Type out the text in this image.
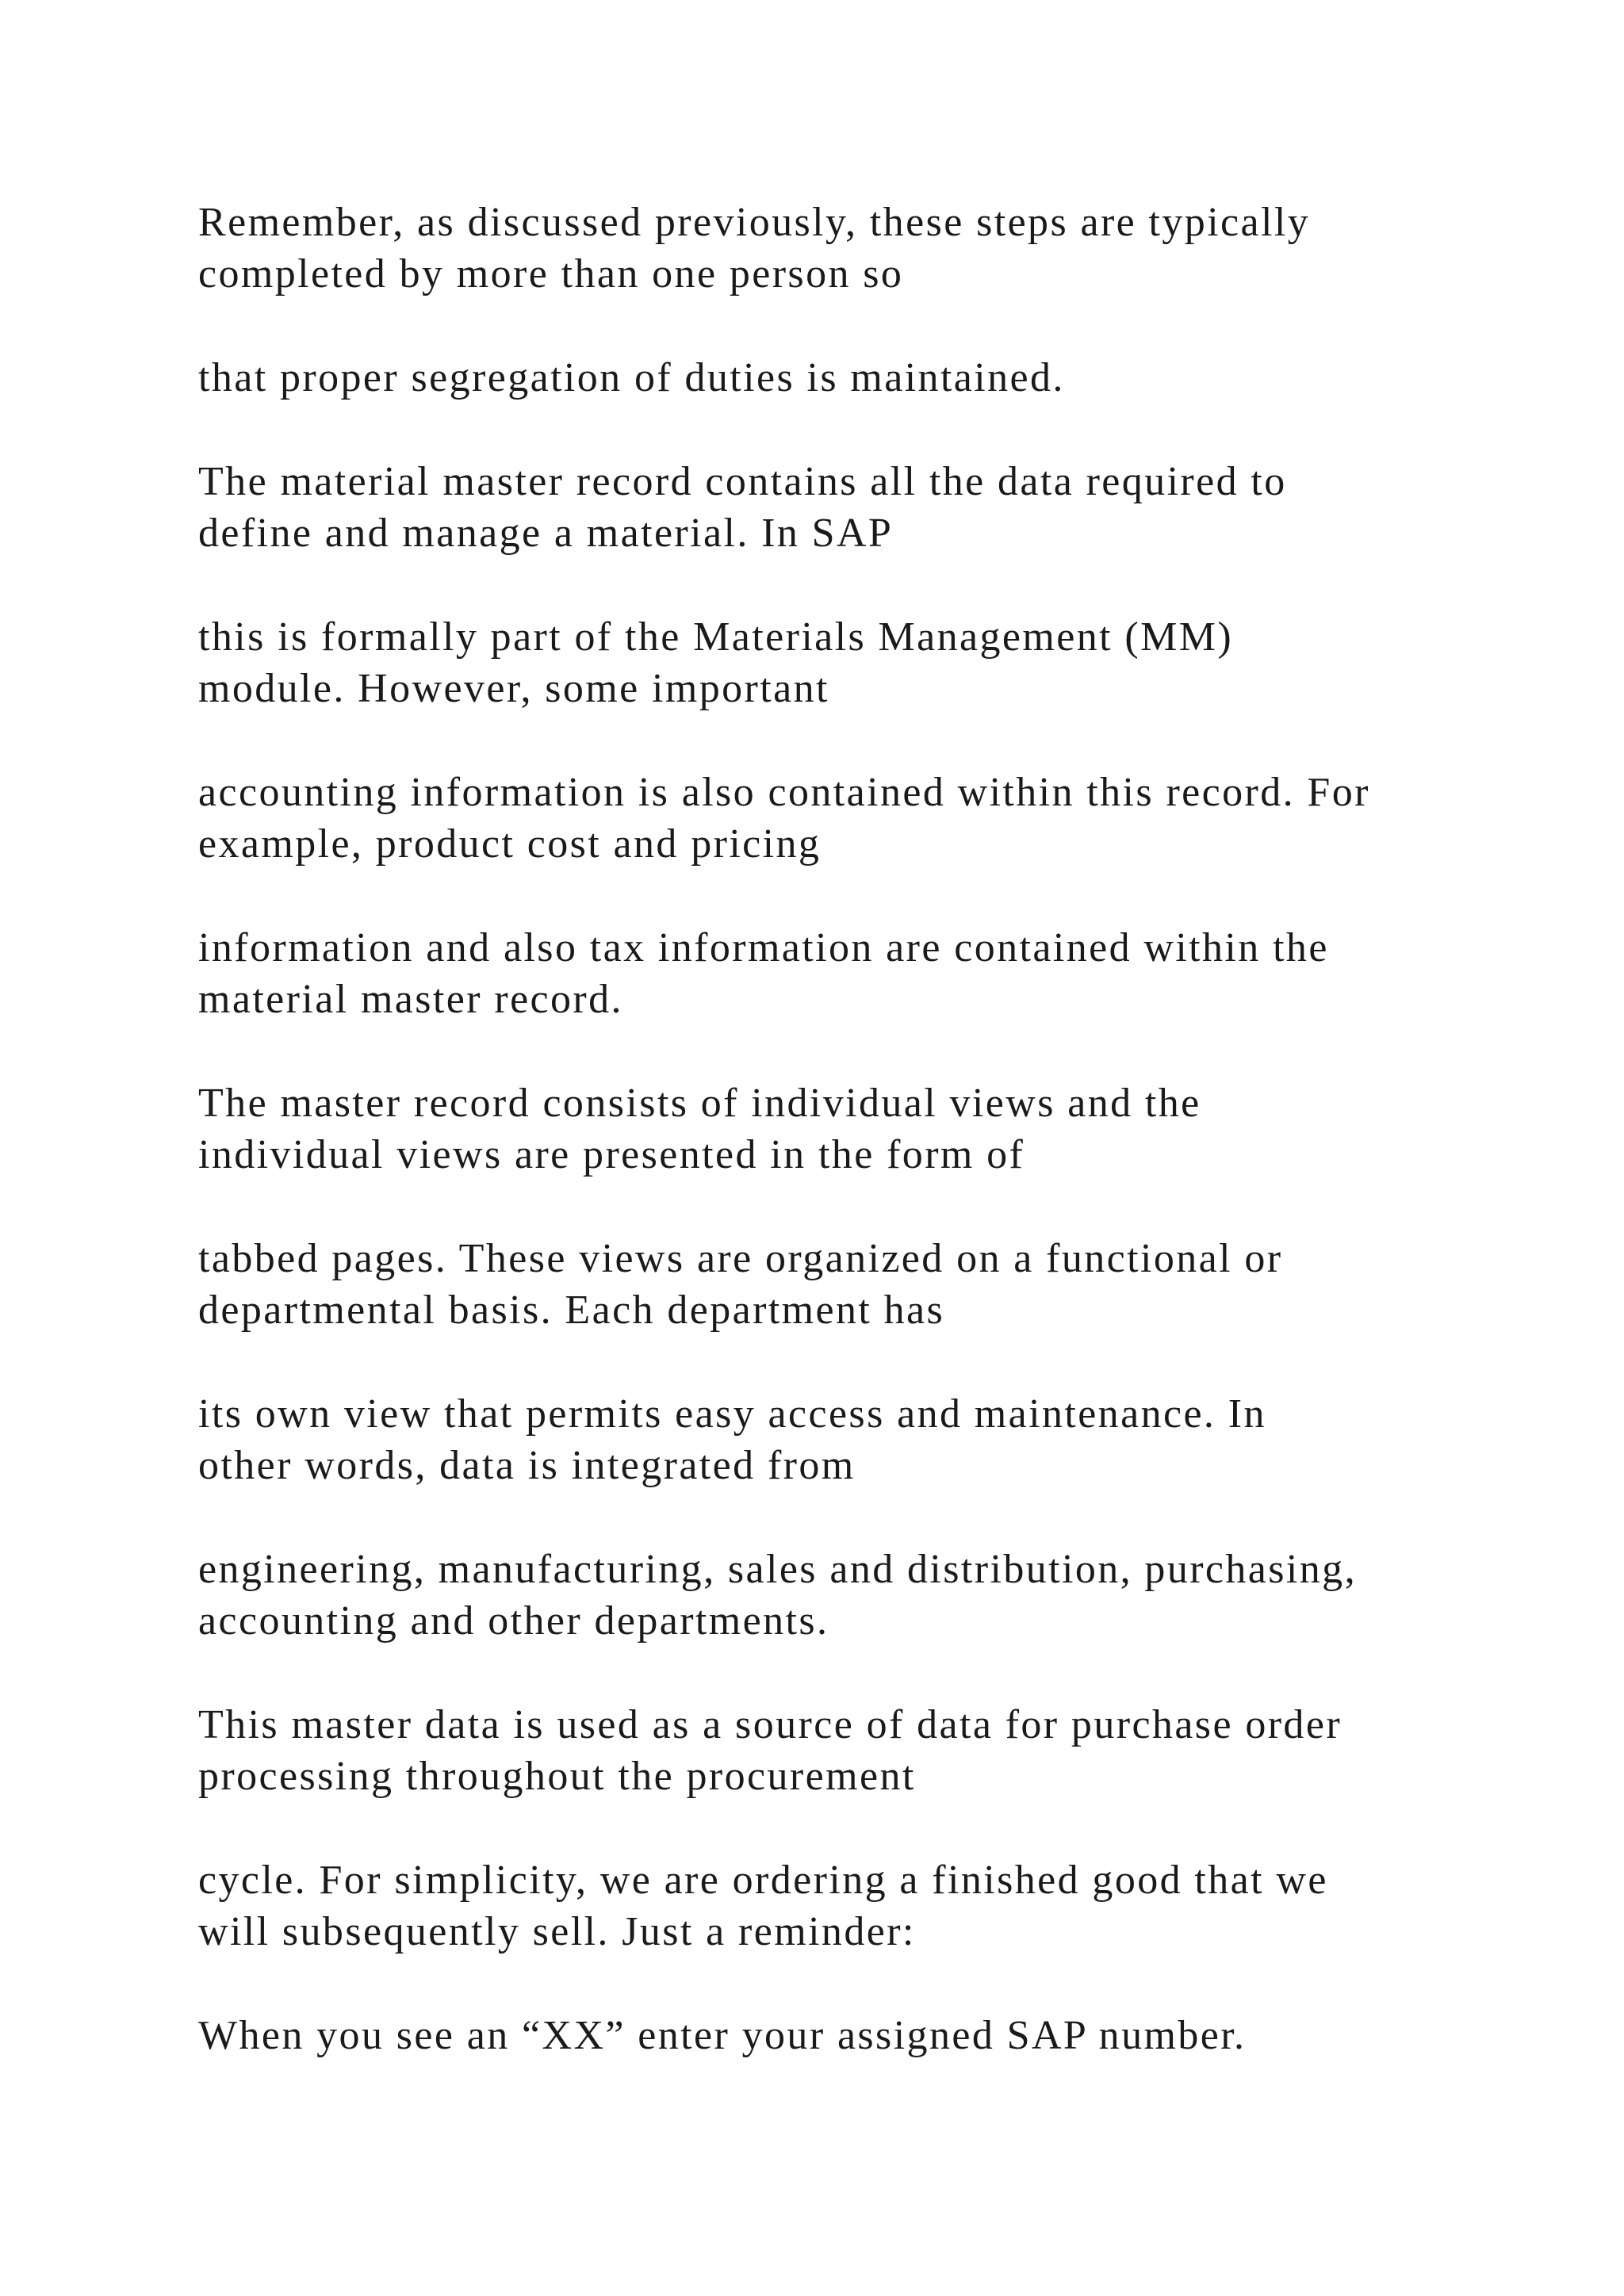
Remember, as discussed previously, these steps are typically
completed by more than one person so

that proper segregation of duties is maintained.

The material master record contains all the data required to
define and manage a material. In SAP

this is formally part of the Materials Management (MM)
module. However, some important

accounting information is also contained within this record. For
example, product cost and pricing

information and also tax information are contained within the
material master record.

The master record consists of individual views and the
individual views are presented in the form of

tabbed pages. These views are organized on a functional or
departmental basis. Each department has

its own view that permits easy access and maintenance. In
other words, data is integrated from

engineering, manufacturing, sales and distribution, purchasing,
accounting and other departments.

This master data is used as a source of data for purchase order
processing throughout the procurement

cycle. For simplicity, we are ordering a finished good that we
will subsequently sell. Just a reminder:

When you see an “XX” enter your assigned SAP number.
